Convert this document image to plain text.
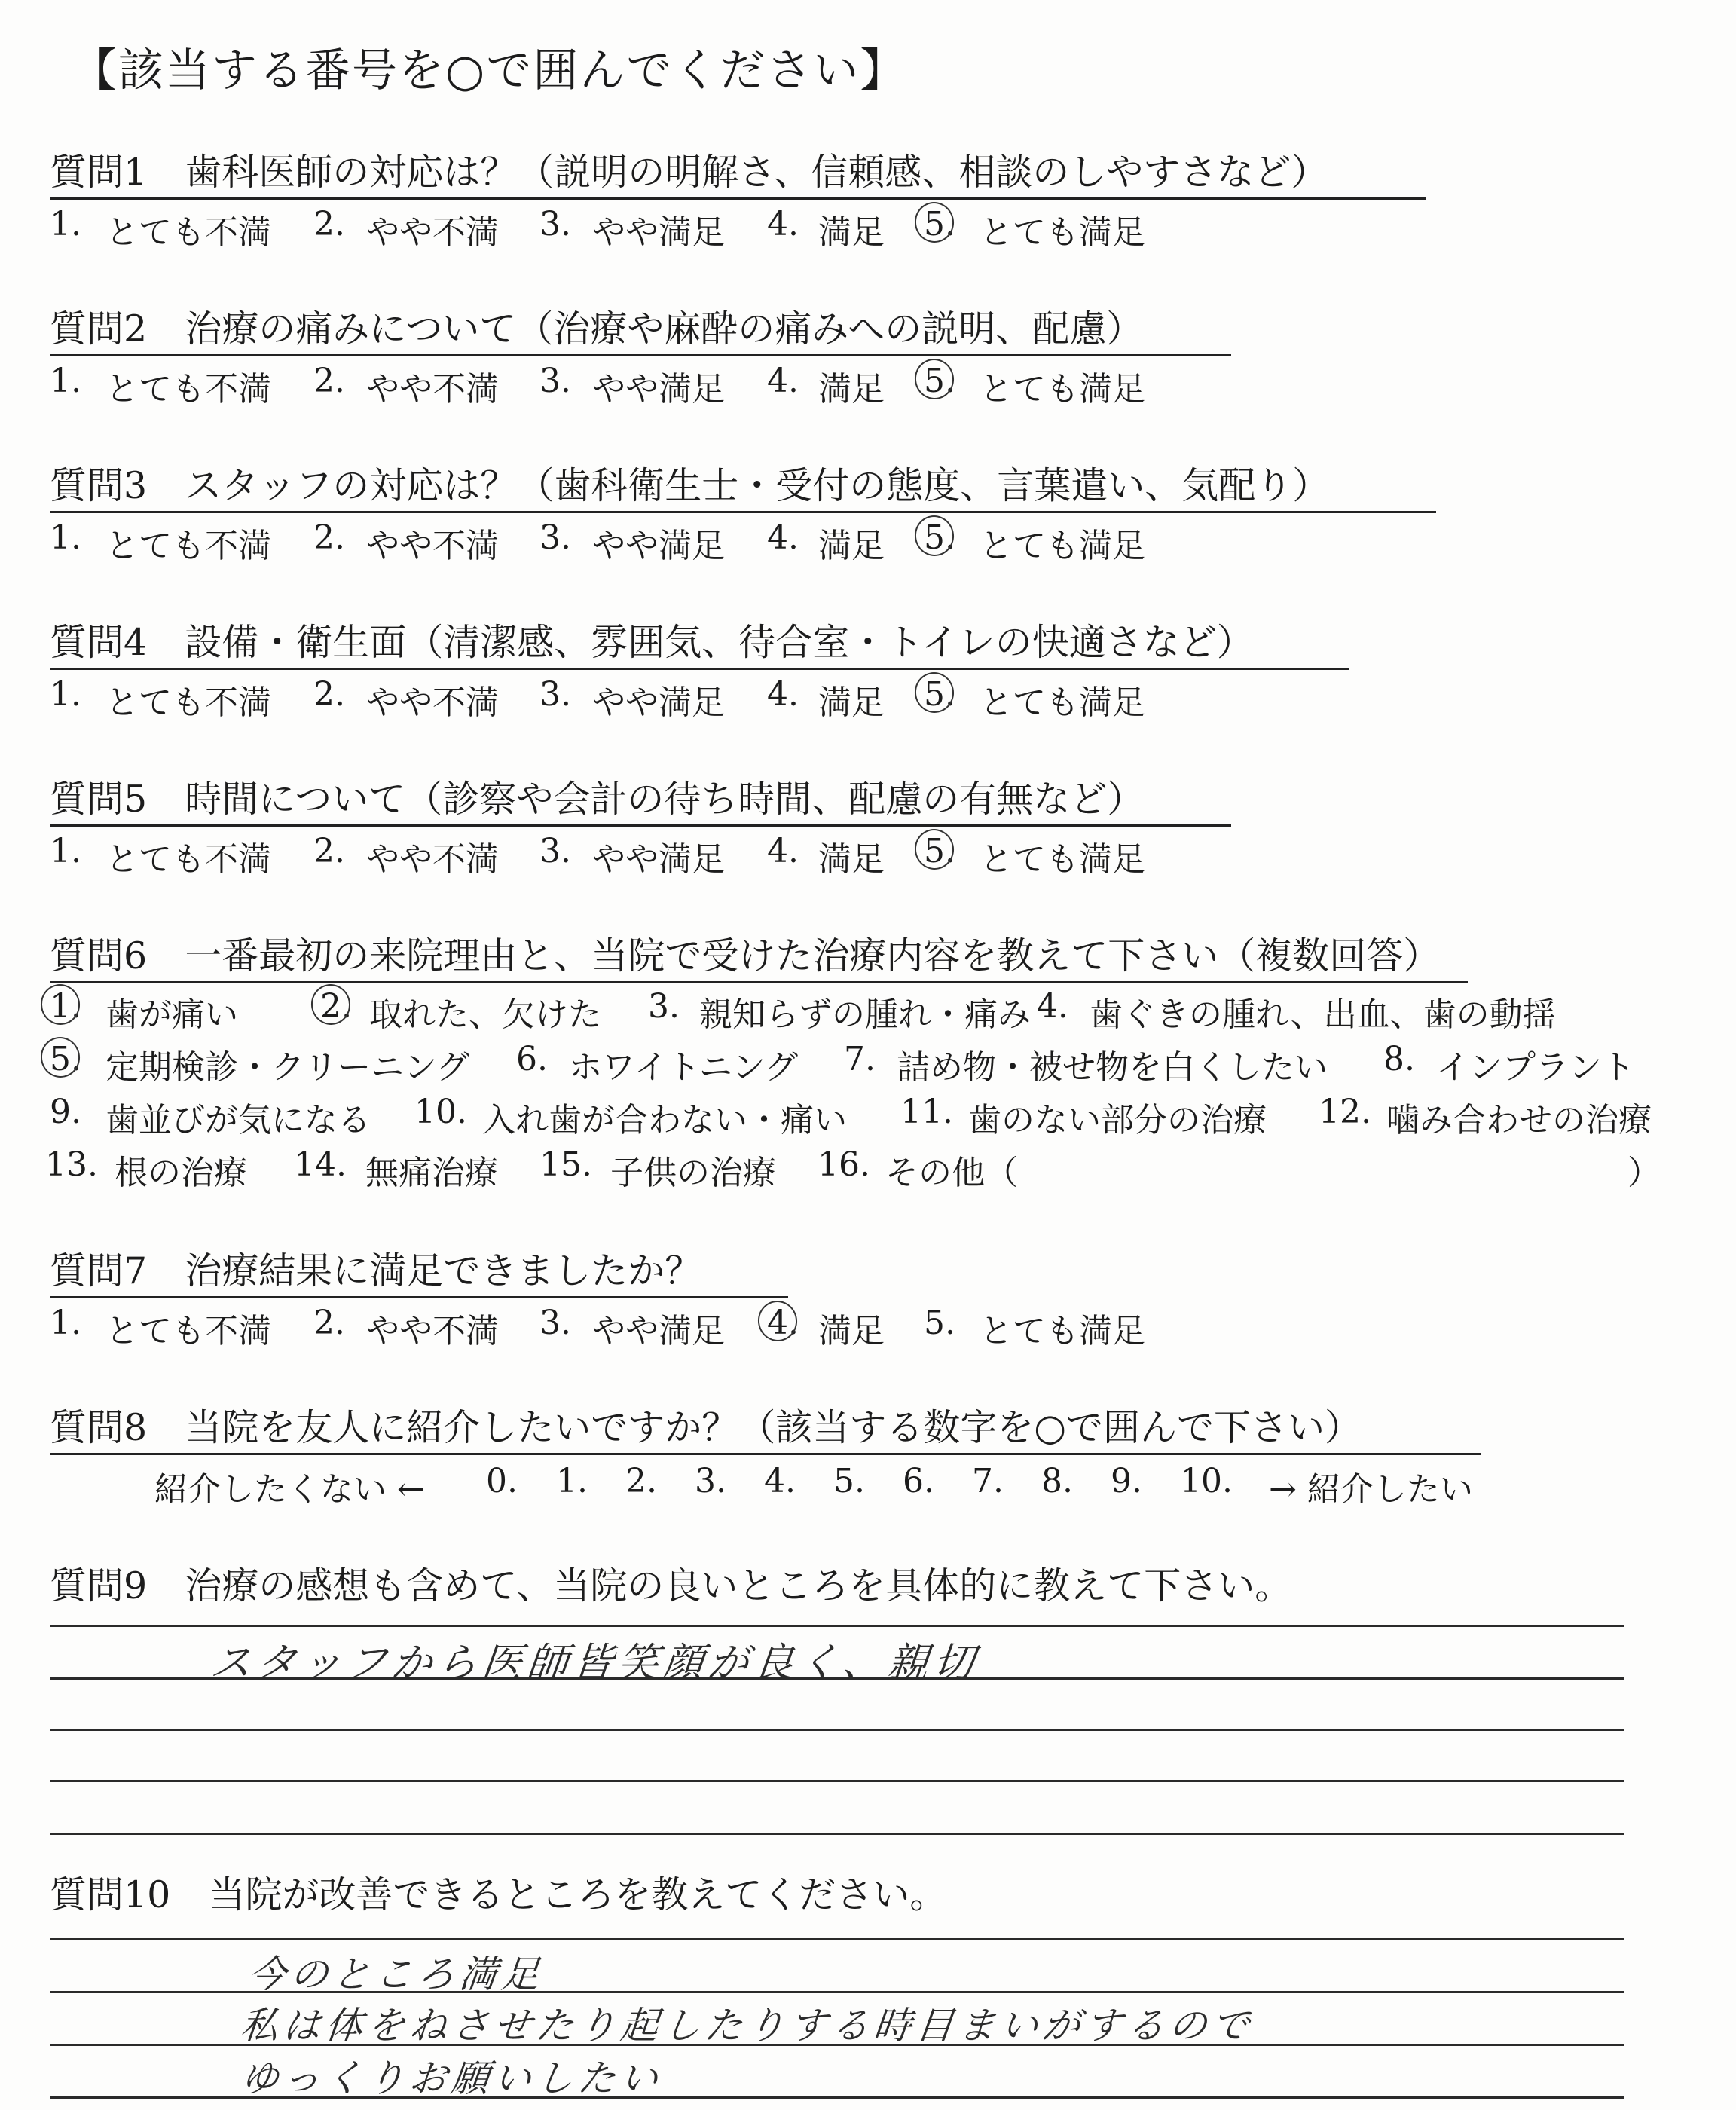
【該当する番号を○で囲んでください】
質問1 歯科医師の対応は？（説明の明解さ、信頼感、相談のしやすさなど）
1. とても不満 2. やや不満 3. やや満足 4. 満足 5. とても満足
質問2 治療の痛みについて（治療や麻酔の痛みへの説明、配慮）
1. とても不満 2. やや不満 3. やや満足 4. 満足 5. とても満足
質問3 スタッフの対応は？（歯科衛生士・受付の態度、言葉遣い、気配り）
1. とても不満 2. やや不満 3. やや満足 4. 満足 5. とても満足
質問4 設備・衛生面（清潔感、雰囲気、待合室・トイレの快適さなど）
1. とても不満 2. やや不満 3. やや満足 4. 満足 5. とても満足
質問5 時間について（診察や会計の待ち時間、配慮の有無など）
1. とても不満 2. やや不満 3. やや満足 4. 満足 5. とても満足
質問6 一番最初の来院理由と、当院で受けた治療内容を教えて下さい（複数回答）
1. 歯が痛い 2. 取れた、欠けた 3. 親知らずの腫れ・痛み 4. 歯ぐきの腫れ、出血、歯の動揺
5. 定期検診・クリーニング 6. ホワイトニング 7. 詰め物・被せ物を白くしたい 8. インプラント
9. 歯並びが気になる 10. 入れ歯が合わない・痛い 11. 歯のない部分の治療 12. 噛み合わせの治療
13. 根の治療 14. 無痛治療 15. 子供の治療 16. その他（	）
質問7 治療結果に満足できましたか？
1. とても不満 2. やや不満 3. やや満足 4. 満足 5. とても満足
質問8 当院を友人に紹介したいですか？（該当する数字を○で囲んで下さい）
紹介したくない ← 0. 1. 2. 3. 4. 5. 6. 7. 8. 9. 10. → 紹介したい
質問9 治療の感想も含めて、当院の良いところを具体的に教えて下さい。
スタッフから医師皆笑顔が良く、親切
質問10 当院が改善できるところを教えてください。
今のところ満足
私は体をねさせたり起したりする時目まいがするので
ゆっくりお願いしたい
